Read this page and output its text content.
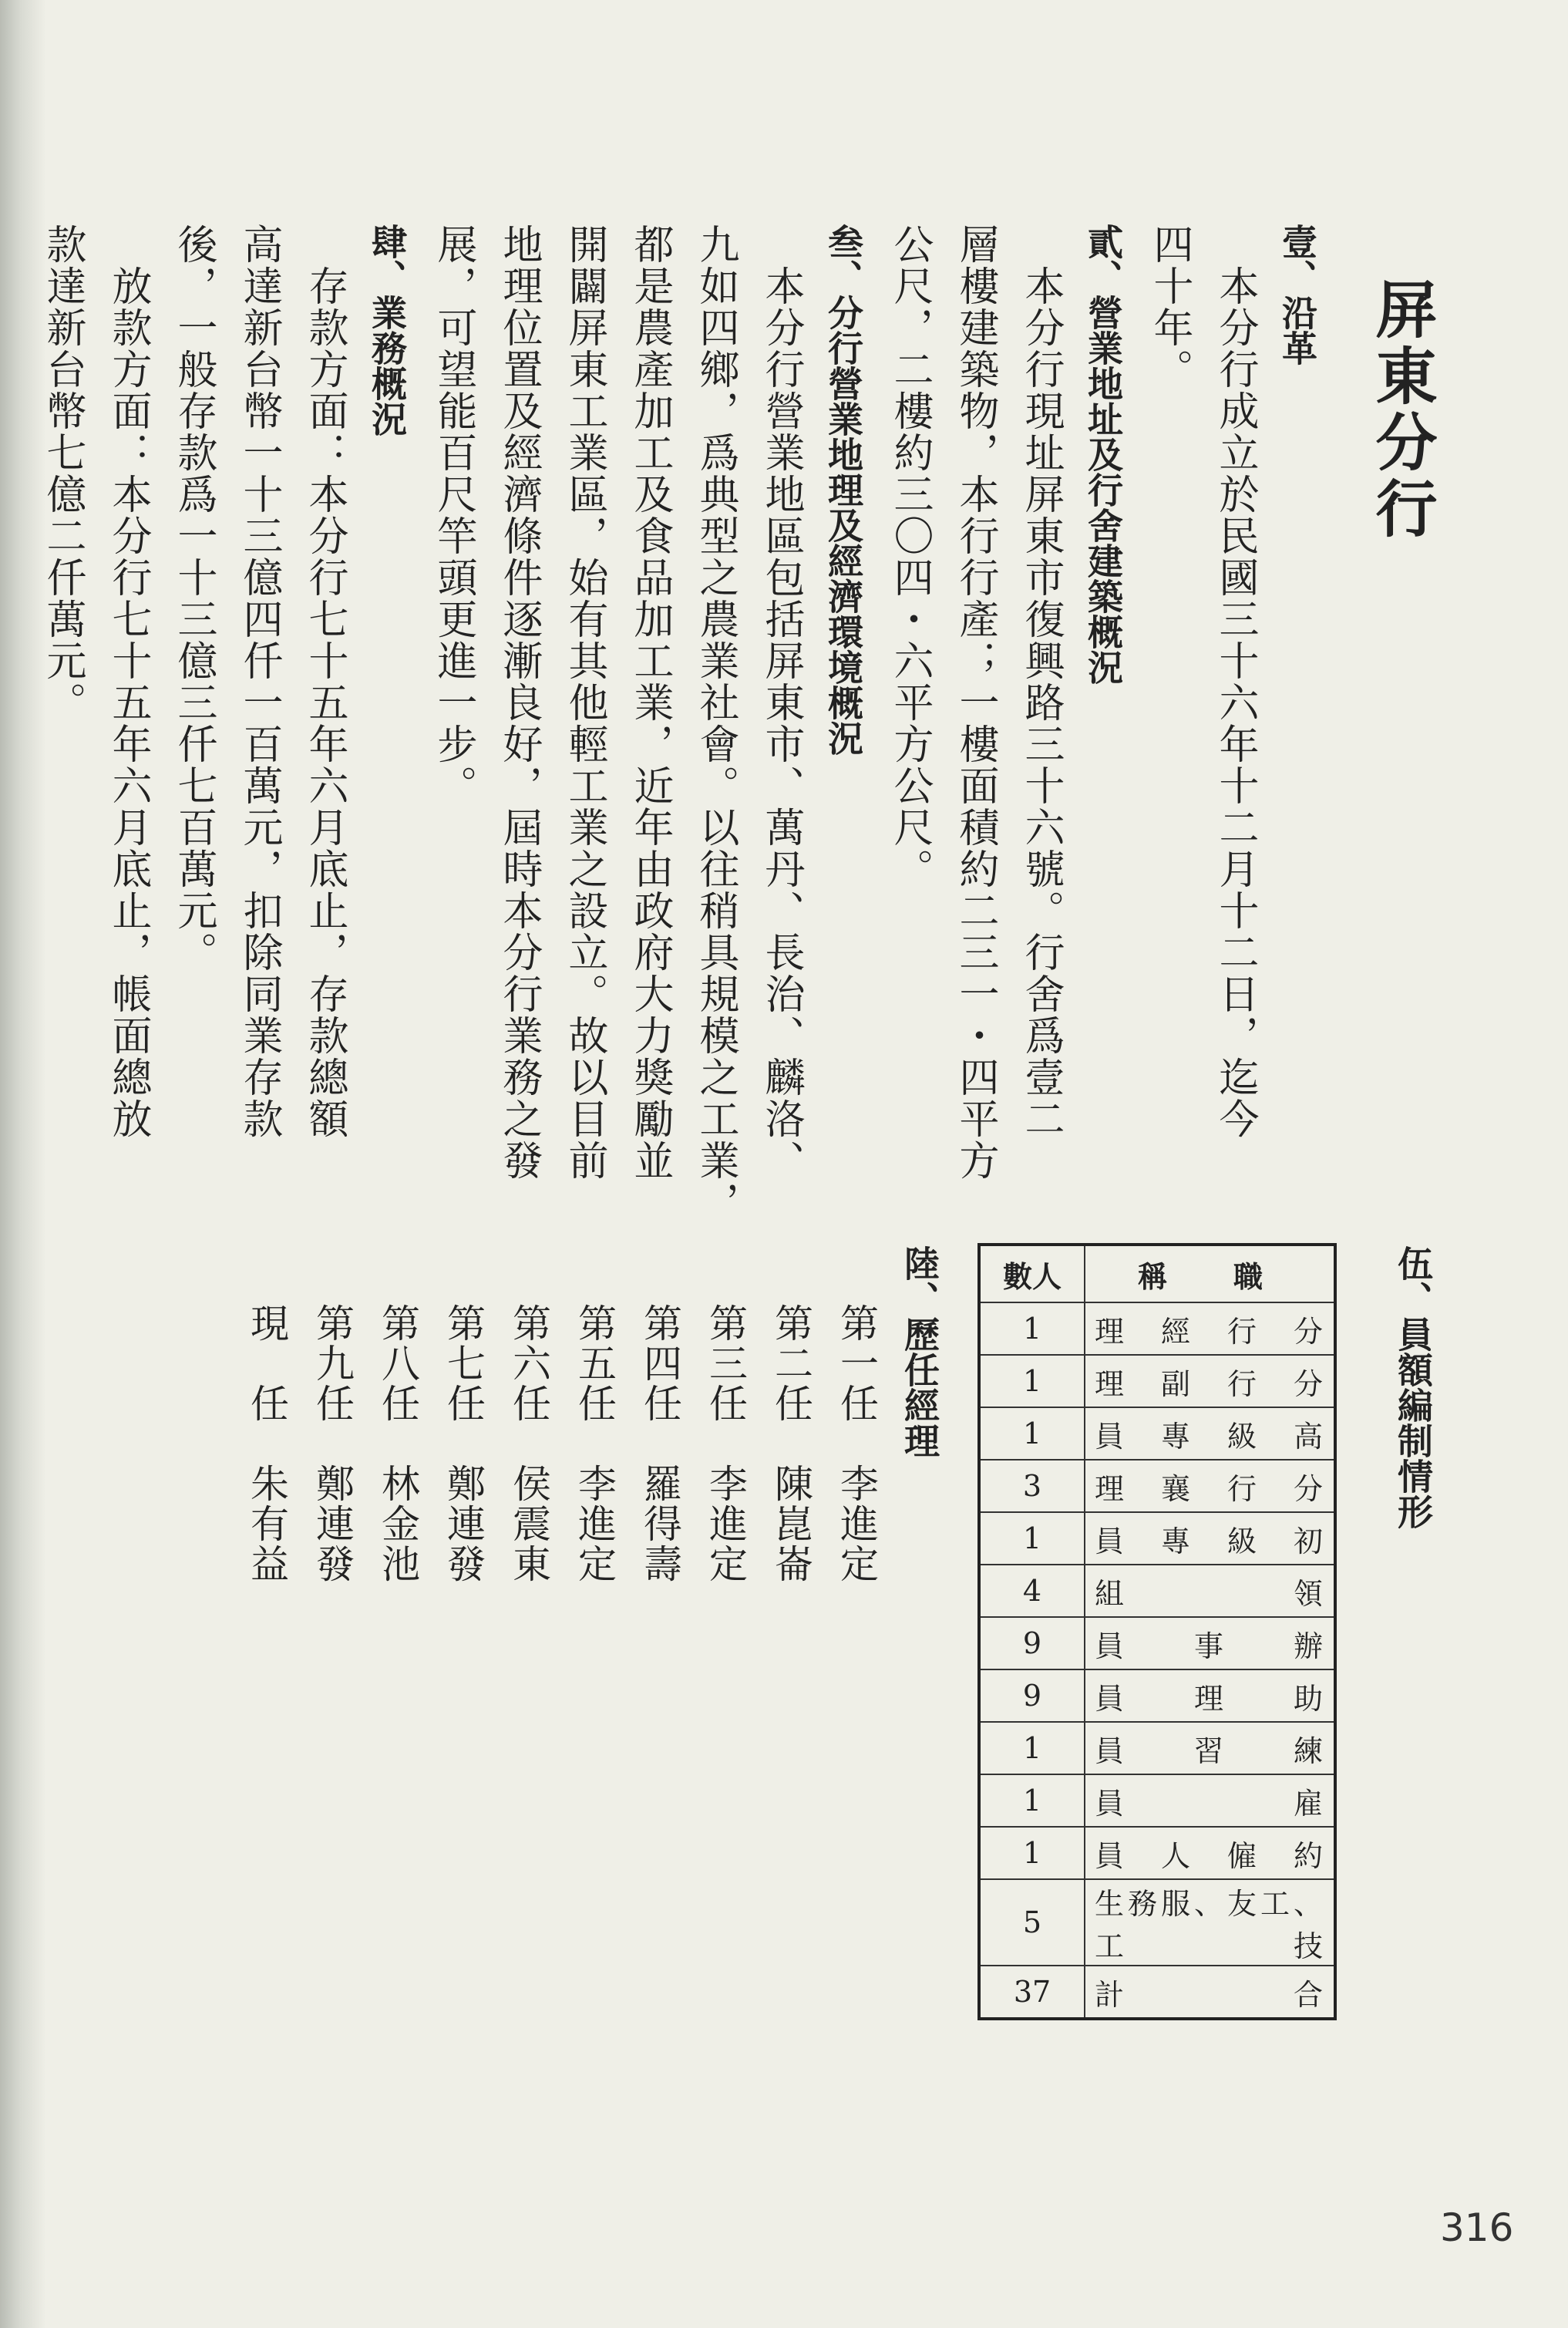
屏東分行
壹、沿革
　本分行成立於民國三十六年十二月十二日，迄今
四十年。
貳、營業地址及行舍建築概況
　本分行現址屏東市復興路三十六號。行舍爲壹二
層樓建築物，本行行產；一樓面積約二三一・四平方
公尺，二樓約三〇四・六平方公尺。
叁、分行營業地理及經濟環境概況
　本分行營業地區包括屏東市、萬丹、長治、麟洛、
九如四鄉，爲典型之農業社會。以往稍具規模之工業，
都是農產加工及食品加工業，近年由政府大力獎勵並
開闢屏東工業區，始有其他輕工業之設立。故以目前
地理位置及經濟條件逐漸良好，屆時本分行業務之發
展，可望能百尺竿頭更進一步。
肆、業務概況
　存款方面：本分行七十五年六月底止，存款總額
高達新台幣一十三億四仟一百萬元，扣除同業存款
後，一般存款爲一十三億三仟七百萬元。
　放款方面：本分行七十五年六月底止，帳面總放
款達新台幣七億二仟萬元。
伍、員額編制情形
數人	稱　職
1	理經行分
1	理副行分
1	員專級高
3	理襄行分
1	員專級初
4	組領
9	員事辦
9	員理助
1	員習練
1	員雇
1	員人僱約
5	生務服、友工、工技
37	計合
陸、歷任經理
第一任　李進定
第二任　陳崑崙
第三任　李進定
第四任　羅得壽
第五任　李進定
第六任　侯震東
第七任　鄭連發
第八任　林金池
第九任　鄭連發
現　任　朱有益
316
